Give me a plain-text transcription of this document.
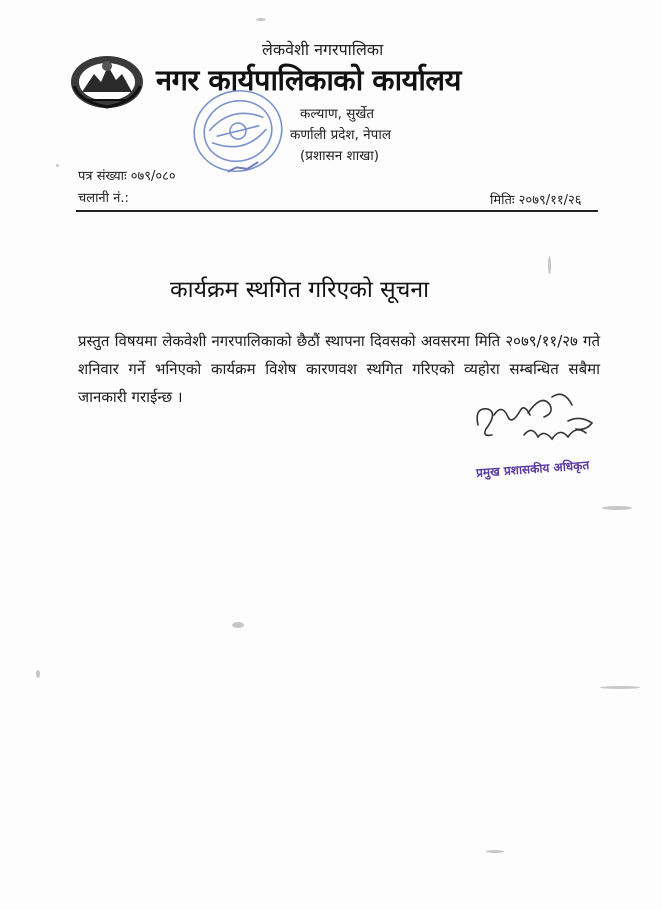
लेकवेशी नगरपालिका
नगर कार्यपालिकाको कार्यालय
कल्याण, सुर्खेत
कर्णाली प्रदेश, नेपाल
(प्रशासन शाखा)
पत्र संख्याः ०७९/०८०
चलानी नं.:	मितिः २०७९/११/२६
कार्यक्रम स्थगित गरिएको सूचना
प्रस्तुत विषयमा लेकवेशी नगरपालिकाको छैठौं स्थापना दिवसको अवसरमा मिति २०७९/११/२७ गते शनिवार गर्ने भनिएको कार्यक्रम विशेष कारणवश स्थगित गरिएको व्यहोरा सम्बन्धित सबैमा जानकारी गराईन्छ ।
प्रमुख प्रशासकीय अधिकृत
